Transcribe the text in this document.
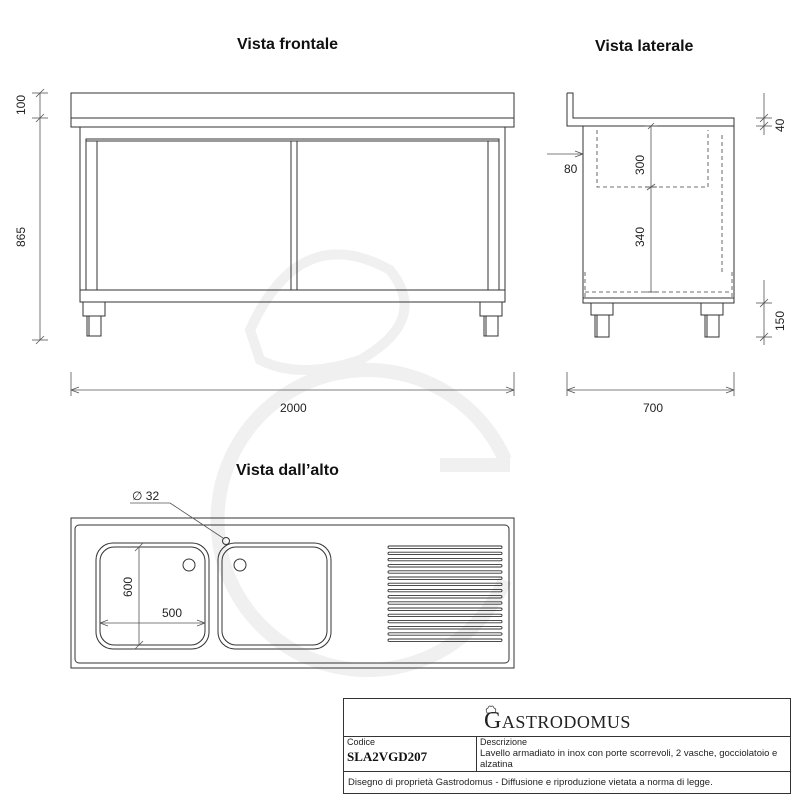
Vista frontale	Vista laterale
Vista dall’alto
100
865
2000
300
340
80
40
150
700
600
500
∅ 32
GASTRODOMUS
Codice
SLA2VGD207
Descrizione
Lavello armadiato in inox con porte scorrevoli, 2 vasche, gocciolatoio e alzatina
Disegno di proprietà Gastrodomus - Diffusione e riproduzione vietata a norma di legge.
